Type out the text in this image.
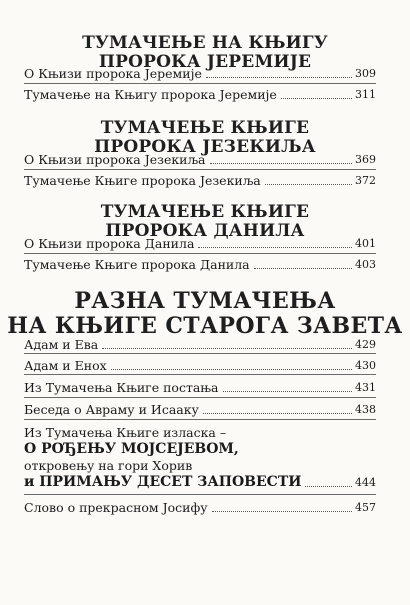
ТУМАЧЕЊЕ НА КЊИГУ
ПРОРОКА ЈЕРЕМИЈЕ
О Књизи пророка Јеремије	309
Тумачење на Књигу пророка Јеремије	311
ТУМАЧЕЊЕ КЊИГЕ
ПРОРОКА ЈЕЗЕКИЉА
О Књизи пророка Језекиља	369
Тумачење Књиге пророка Језекиља	372
ТУМАЧЕЊЕ КЊИГЕ
ПРОРОКА ДАНИЛА
О Књизи пророка Данила	401
Тумачење Књиге пророка Данила	403
РАЗНА ТУМАЧЕЊА
НА КЊИГЕ СТАРОГА ЗАВЕТА
Адам и Ева	429
Адам и Енох	430
Из Тумачења Књиге постања	431
Беседа о Авраму и Исааку	438
Из Тумачења Књиге изласка –
О РОЂЕЊУ МОЈСЕЈЕВОМ,
откровењу на гори Хорив
и ПРИМАЊУ ДЕСЕТ ЗАПОВЕСТИ	444
Слово о прекрасном Јосифу	457
